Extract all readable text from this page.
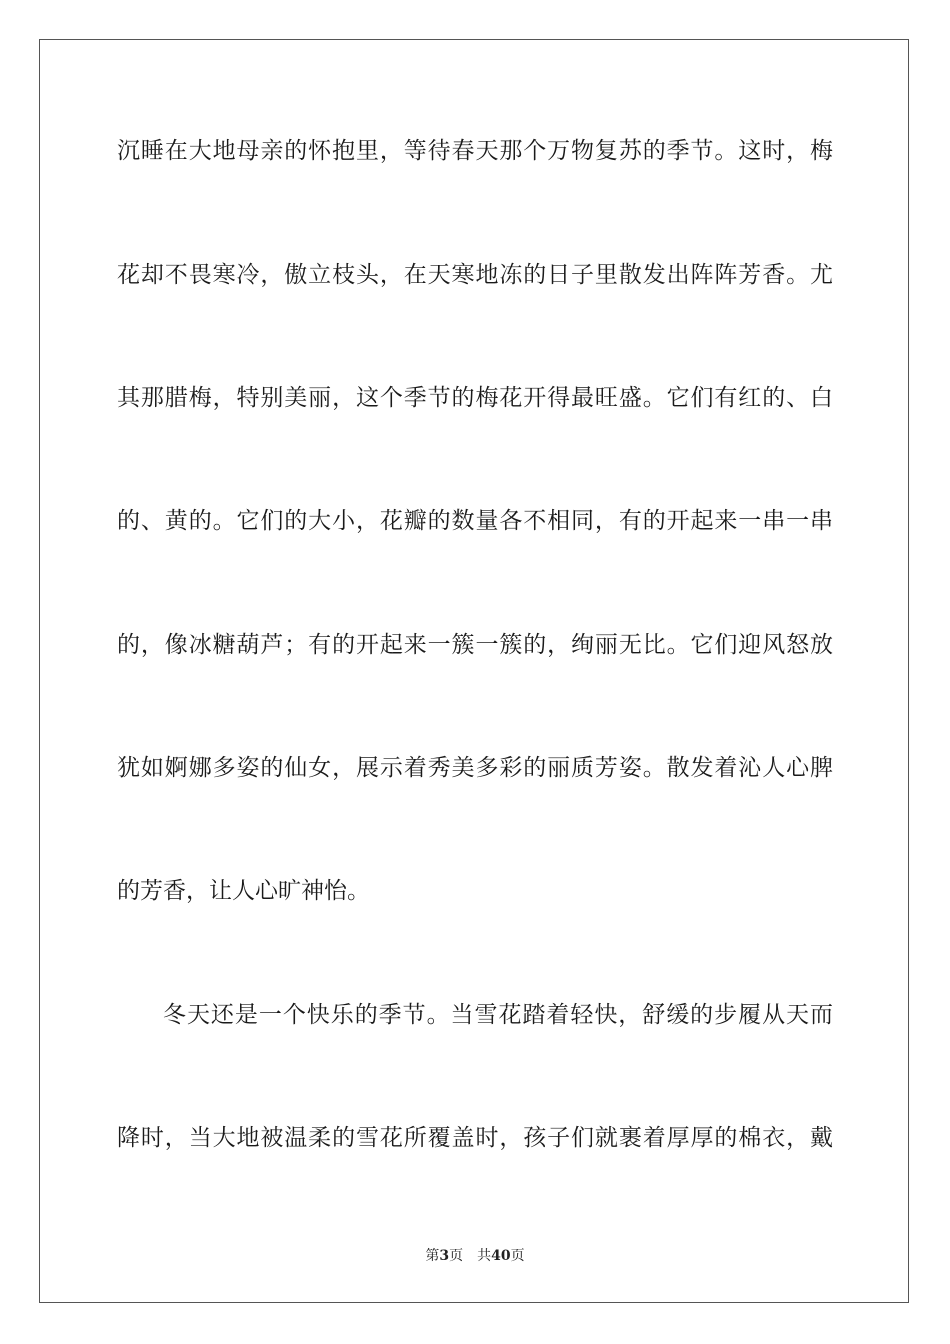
沉睡在大地母亲的怀抱里，等待春天那个万物复苏的季节。这时，梅
花却不畏寒冷，傲立枝头，在天寒地冻的日子里散发出阵阵芳香。尤
其那腊梅，特别美丽，这个季节的梅花开得最旺盛。它们有红的、白
的、黄的。它们的大小，花瓣的数量各不相同，有的开起来一串一串
的，像冰糖葫芦；有的开起来一簇一簇的，绚丽无比。它们迎风怒放
犹如婀娜多姿的仙女，展示着秀美多彩的丽质芳姿。散发着沁人心脾
的芳香，让人心旷神怡。
冬天还是一个快乐的季节。当雪花踏着轻快，舒缓的步履从天而
降时，当大地被温柔的雪花所覆盖时，孩子们就裹着厚厚的棉衣，戴
第3页 共40页
